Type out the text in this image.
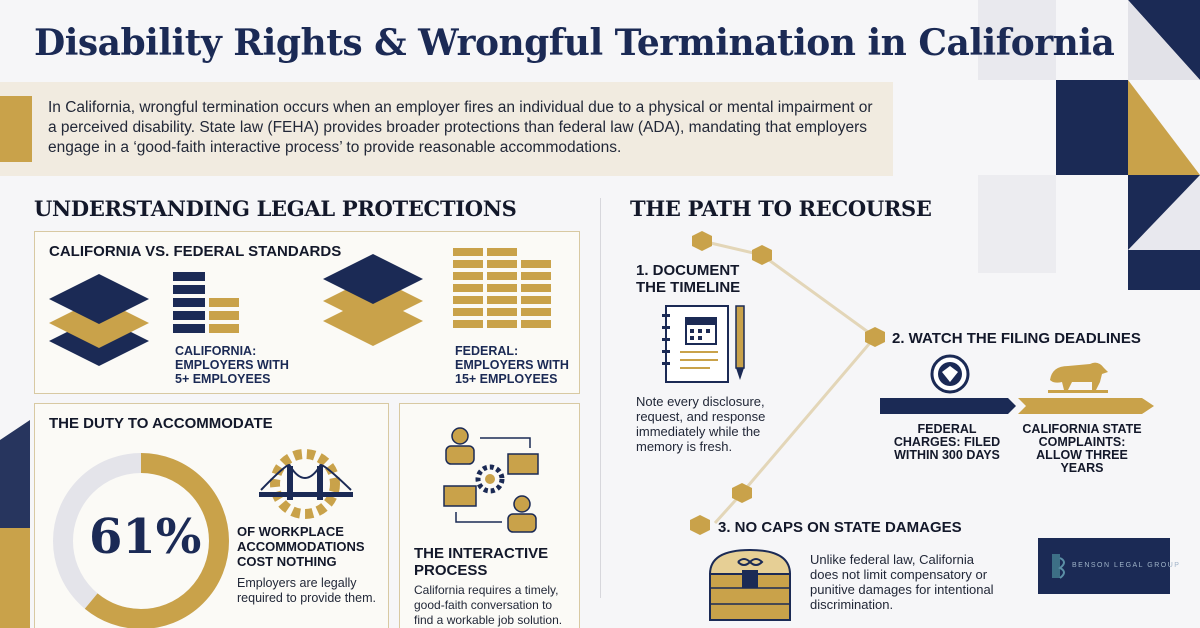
Disability Rights & Wrongful Termination in California

In California, wrongful termination occurs when an employer fires an individual due to a physical or mental impairment or a perceived disability. State law (FEHA) provides broader protections than federal law (ADA), mandating that employers engage in a ‘good-faith interactive process’ to provide reasonable accommodations.

UNDERSTANDING LEGAL PROTECTIONS
CALIFORNIA VS. FEDERAL STANDARDS
CALIFORNIA: EMPLOYERS WITH 5+ EMPLOYEES
FEDERAL: EMPLOYERS WITH 15+ EMPLOYEES
THE DUTY TO ACCOMMODATE
61%	OF WORKPLACE ACCOMMODATIONS COST NOTHING
Employers are legally required to provide them.
THE INTERACTIVE PROCESS
California requires a timely, good-faith conversation to find a workable job solution.
THE PATH TO RECOURSE
1. DOCUMENT THE TIMELINE
Note every disclosure, request, and response immediately while the memory is fresh.
2. WATCH THE FILING DEADLINES
FEDERAL CHARGES: FILED WITHIN 300 DAYS
CALIFORNIA STATE COMPLAINTS: ALLOW THREE YEARS
3. NO CAPS ON STATE DAMAGES
Unlike federal law, California does not limit compensatory or punitive damages for intentional discrimination.
BENSON LEGAL GROUP
